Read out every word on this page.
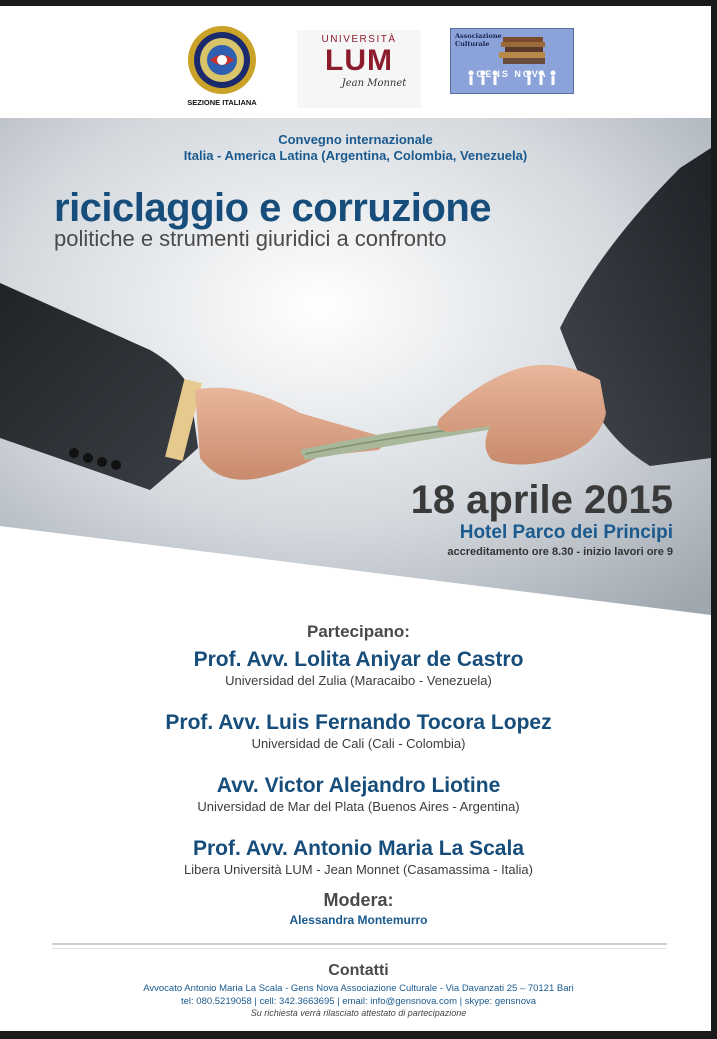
SEZIONE ITALIANA
UNIVERSITÀ
LUM
Jean Monnet
Associazione
Culturale
GENS NOVA
Convegno internazionale
Italia - America Latina (Argentina, Colombia, Venezuela)
riciclaggio e corruzione
politiche e strumenti giuridici a confronto
18 aprile 2015
Hotel Parco dei Principi
accreditamento ore 8.30 - inizio lavori ore 9
Partecipano:
Prof. Avv. Lolita Aniyar de Castro
Universidad del Zulia (Maracaibo - Venezuela)
Prof. Avv. Luis Fernando Tocora Lopez
Universidad de Cali (Cali - Colombia)
Avv. Victor Alejandro Liotine
Universidad de Mar del Plata (Buenos Aires - Argentina)
Prof. Avv. Antonio Maria La Scala
Libera Università LUM - Jean Monnet (Casamassima - Italia)
Modera:
Alessandra Montemurro
Contatti
Avvocato Antonio Maria La Scala - Gens Nova Associazione Culturale - Via Davanzati 25 – 70121 Bari
tel: 080.5219058 | cell: 342.3663695 | email: info@gensnova.com | skype: gensnova
Su richiesta verrà rilasciato attestato di partecipazione
